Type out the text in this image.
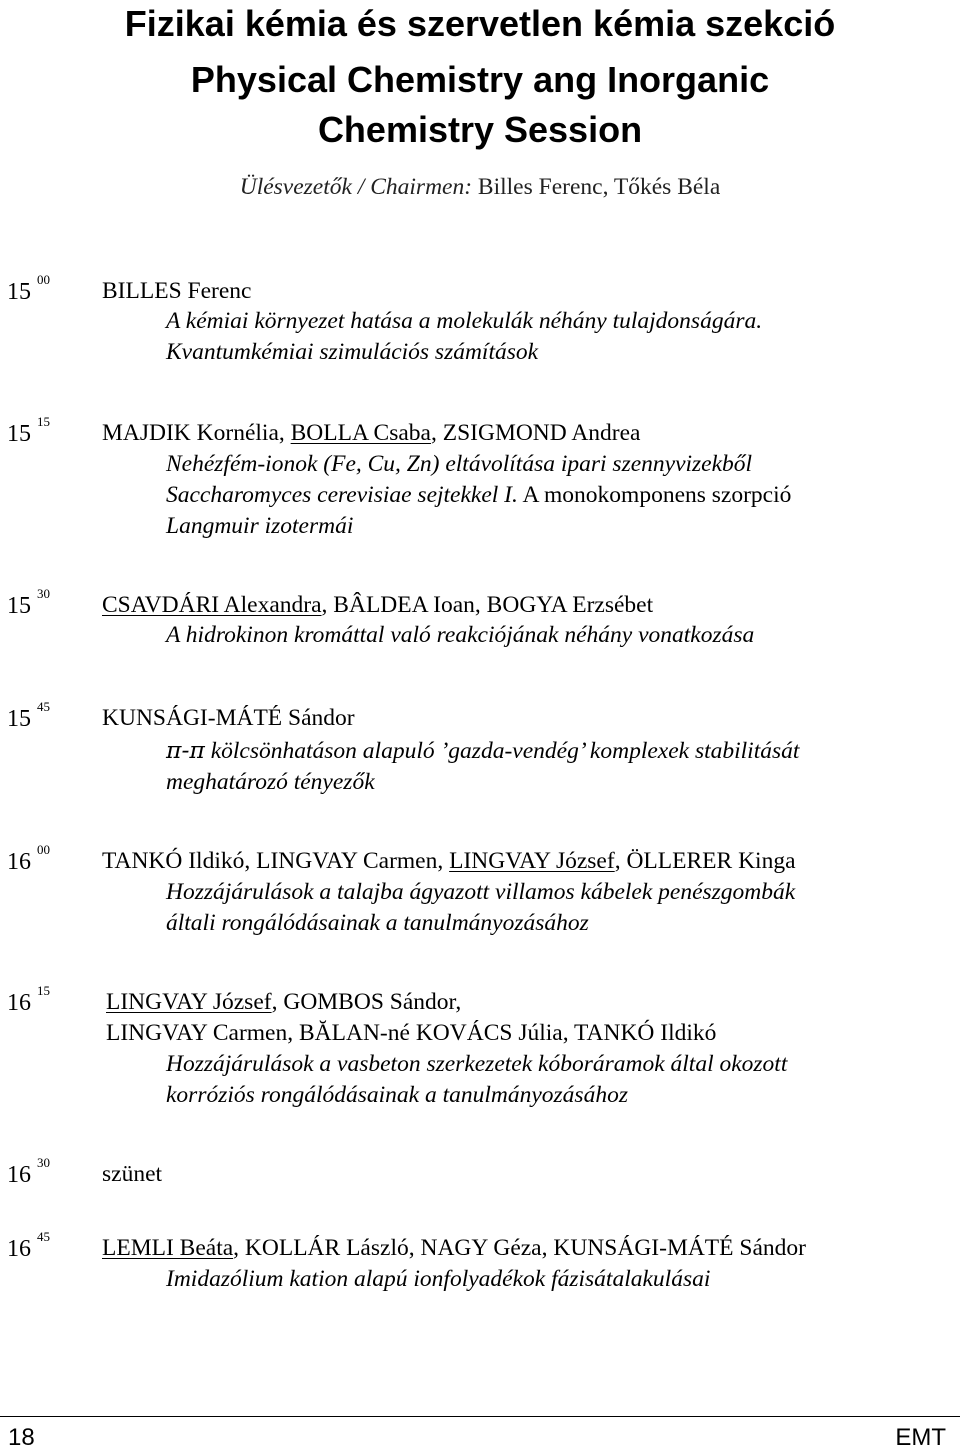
Fizikai kémia és szervetlen kémia szekció
Physical Chemistry ang Inorganic
Chemistry Session
Ülésvezetők / Chairmen: Billes Ferenc, Tőkés Béla
15 $^{00}$ BILLES Ferenc
A kémiai környezet hatása a molekulák néhány tulajdonságára.
Kvantumkémiai szimulációs számítások
15 $^{15}$ MAJDIK Kornélia, BOLLA Csaba, ZSIGMOND Andrea
Nehézfém-ionok (Fe, Cu, Zn) eltávolítása ipari szennyvizekből
Saccharomyces cerevisiae sejtekkel I. A monokomponens szorpció
Langmuir izotermái
15 $^{30}$ CSAVDÁRI Alexandra, BÂLDEA Ioan, BOGYA Erzsébet
A hidrokinon kromáttal való reakciójának néhány vonatkozása
15 $^{45}$ KUNSÁGI-MÁTÉ Sándor
π-π kölcsönhatáson alapuló ’gazda-vendég’ komplexek stabilitását
meghatározó tényezők
16 $^{00}$ TANKÓ Ildikó, LINGVAY Carmen, LINGVAY József, ÖLLERER Kinga
Hozzájárulások a talajba ágyazott villamos kábelek penészgombák
általi rongálódásainak a tanulmányozásához
16 $^{15}$ LINGVAY József, GOMBOS Sándor,
LINGVAY Carmen, BĂLAN-né KOVÁCS Júlia, TANKÓ Ildikó
Hozzájárulások a vasbeton szerkezetek kóboráramok által okozott
korróziós rongálódásainak a tanulmányozásához
16 $^{30}$ szünet
16 $^{45}$ LEMLI Beáta, KOLLÁR László, NAGY Géza, KUNSÁGI-MÁTÉ Sándor
Imidazólium kation alapú ionfolyadékok fázisátalakulásai
18	EMT
